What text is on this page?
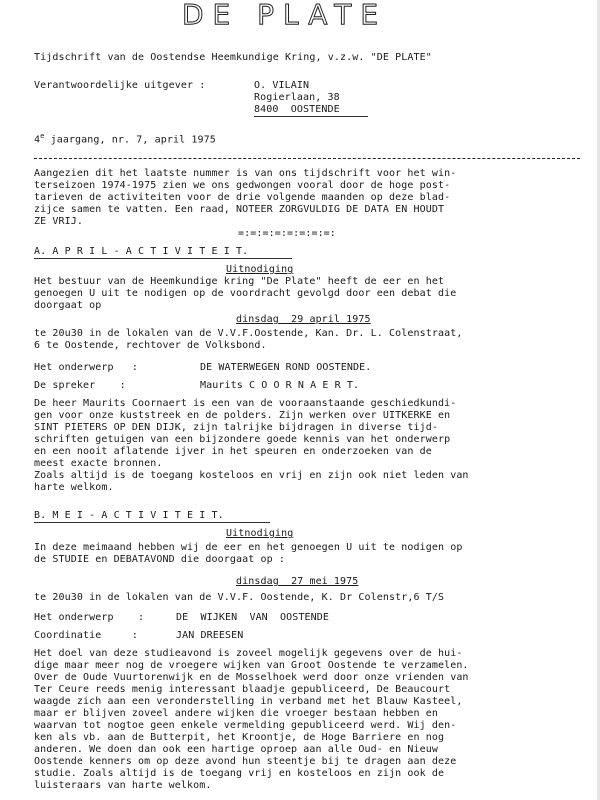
DE PLATE
Tijdschrift van de Oostendse Heemkundige Kring, v.z.w. "DE PLATE"
Verantwoordelijke uitgever :	O. VILAIN
Rogierlaan, 38
8400  OOSTENDE
4e jaargang, nr. 7, april 1975

Aangezien dit het laatste nummer is van ons tijdschrift voor het win-

terseizoen 1974-1975 zien we ons gedwongen vooral door de hoge post-

tarieven de activiteiten voor de drie volgende maanden op deze blad-

zijce samen te vatten. Een raad, NOTEER ZORGVULDIG DE DATA EN HOUDT

ZE VRIJ.

=:=:=:=:=:=:=:=:
A. A P R I L - A C T I V I T E I T.
Uitnodiging

Het bestuur van de Heemkundige kring "De Plate" heeft de eer en het

genoegen U uit te nodigen op de voordracht gevolgd door een debat die

doorgaat op

dinsdag  29 april 1975

te 20u30 in de lokalen van de V.V.F.Oostende, Kan. Dr. L. Colenstraat,

6 te Oostende, rechtover de Volksbond.

Het onderwerp   :	DE WATERWEGEN ROND OOSTENDE.
De spreker    :	Maurits C O O R N A E R T.

De heer Maurits Coornaert is een van de vooraanstaande geschiedkundi-

gen voor onze kuststreek en de polders. Zijn werken over UITKERKE en

SINT PIETERS OP DEN DIJK, zijn talrijke bijdragen in diverse tijd-

schriften getuigen van een bijzondere goede kennis van het onderwerp

en een nooit aflatende ijver in het speuren en onderzoeken van de

meest exacte bronnen.

Zoals altijd is de toegang kosteloos en vrij en zijn ook niet leden van

harte welkom.

B. M E I - A C T I V I T E I T.
Uitnodiging

In deze meimaand hebben wij de eer en het genoegen U uit te nodigen op

de STUDIE en DEBATAVOND die doorgaat op :

dinsdag  27 mei 1975

te 20u30 in de lokalen van de V.V.F. Oostende, K. Dr Colenstr,6 T/S

Het onderwerp    :	DE  WIJKEN  VAN  OOSTENDE
Coordinatie     :	JAN DREESEN

Het doel van deze studieavond is zoveel mogelijk gegevens over de hui-

dige maar meer nog de vroegere wijken van Groot Oostende te verzamelen.

Over de Oude Vuurtorenwijk en de Mosselhoek werd door onze vrienden van

Ter Ceure reeds menig interessant blaadje gepubliceerd, De Beaucourt

waagde zich aan een veronderstelling in verband met het Blauw Kasteel,

maar er blijven zoveel andere wijken die vroeger bestaan hebben en

waarvan tot nogtoe geen enkele vermelding gepubliceerd werd. Wij den-

ken als vb. aan de Butterpit, het Kroontje, de Hoge Barriere en nog

anderen. We doen dan ook een hartige oproep aan alle Oud- en Nieuw

Oostende kenners om op deze avond hun steentje bij te dragen aan deze

studie. Zoals altijd is de toegang vrij en kosteloos en zijn ook de

luisteraars van harte welkom.
